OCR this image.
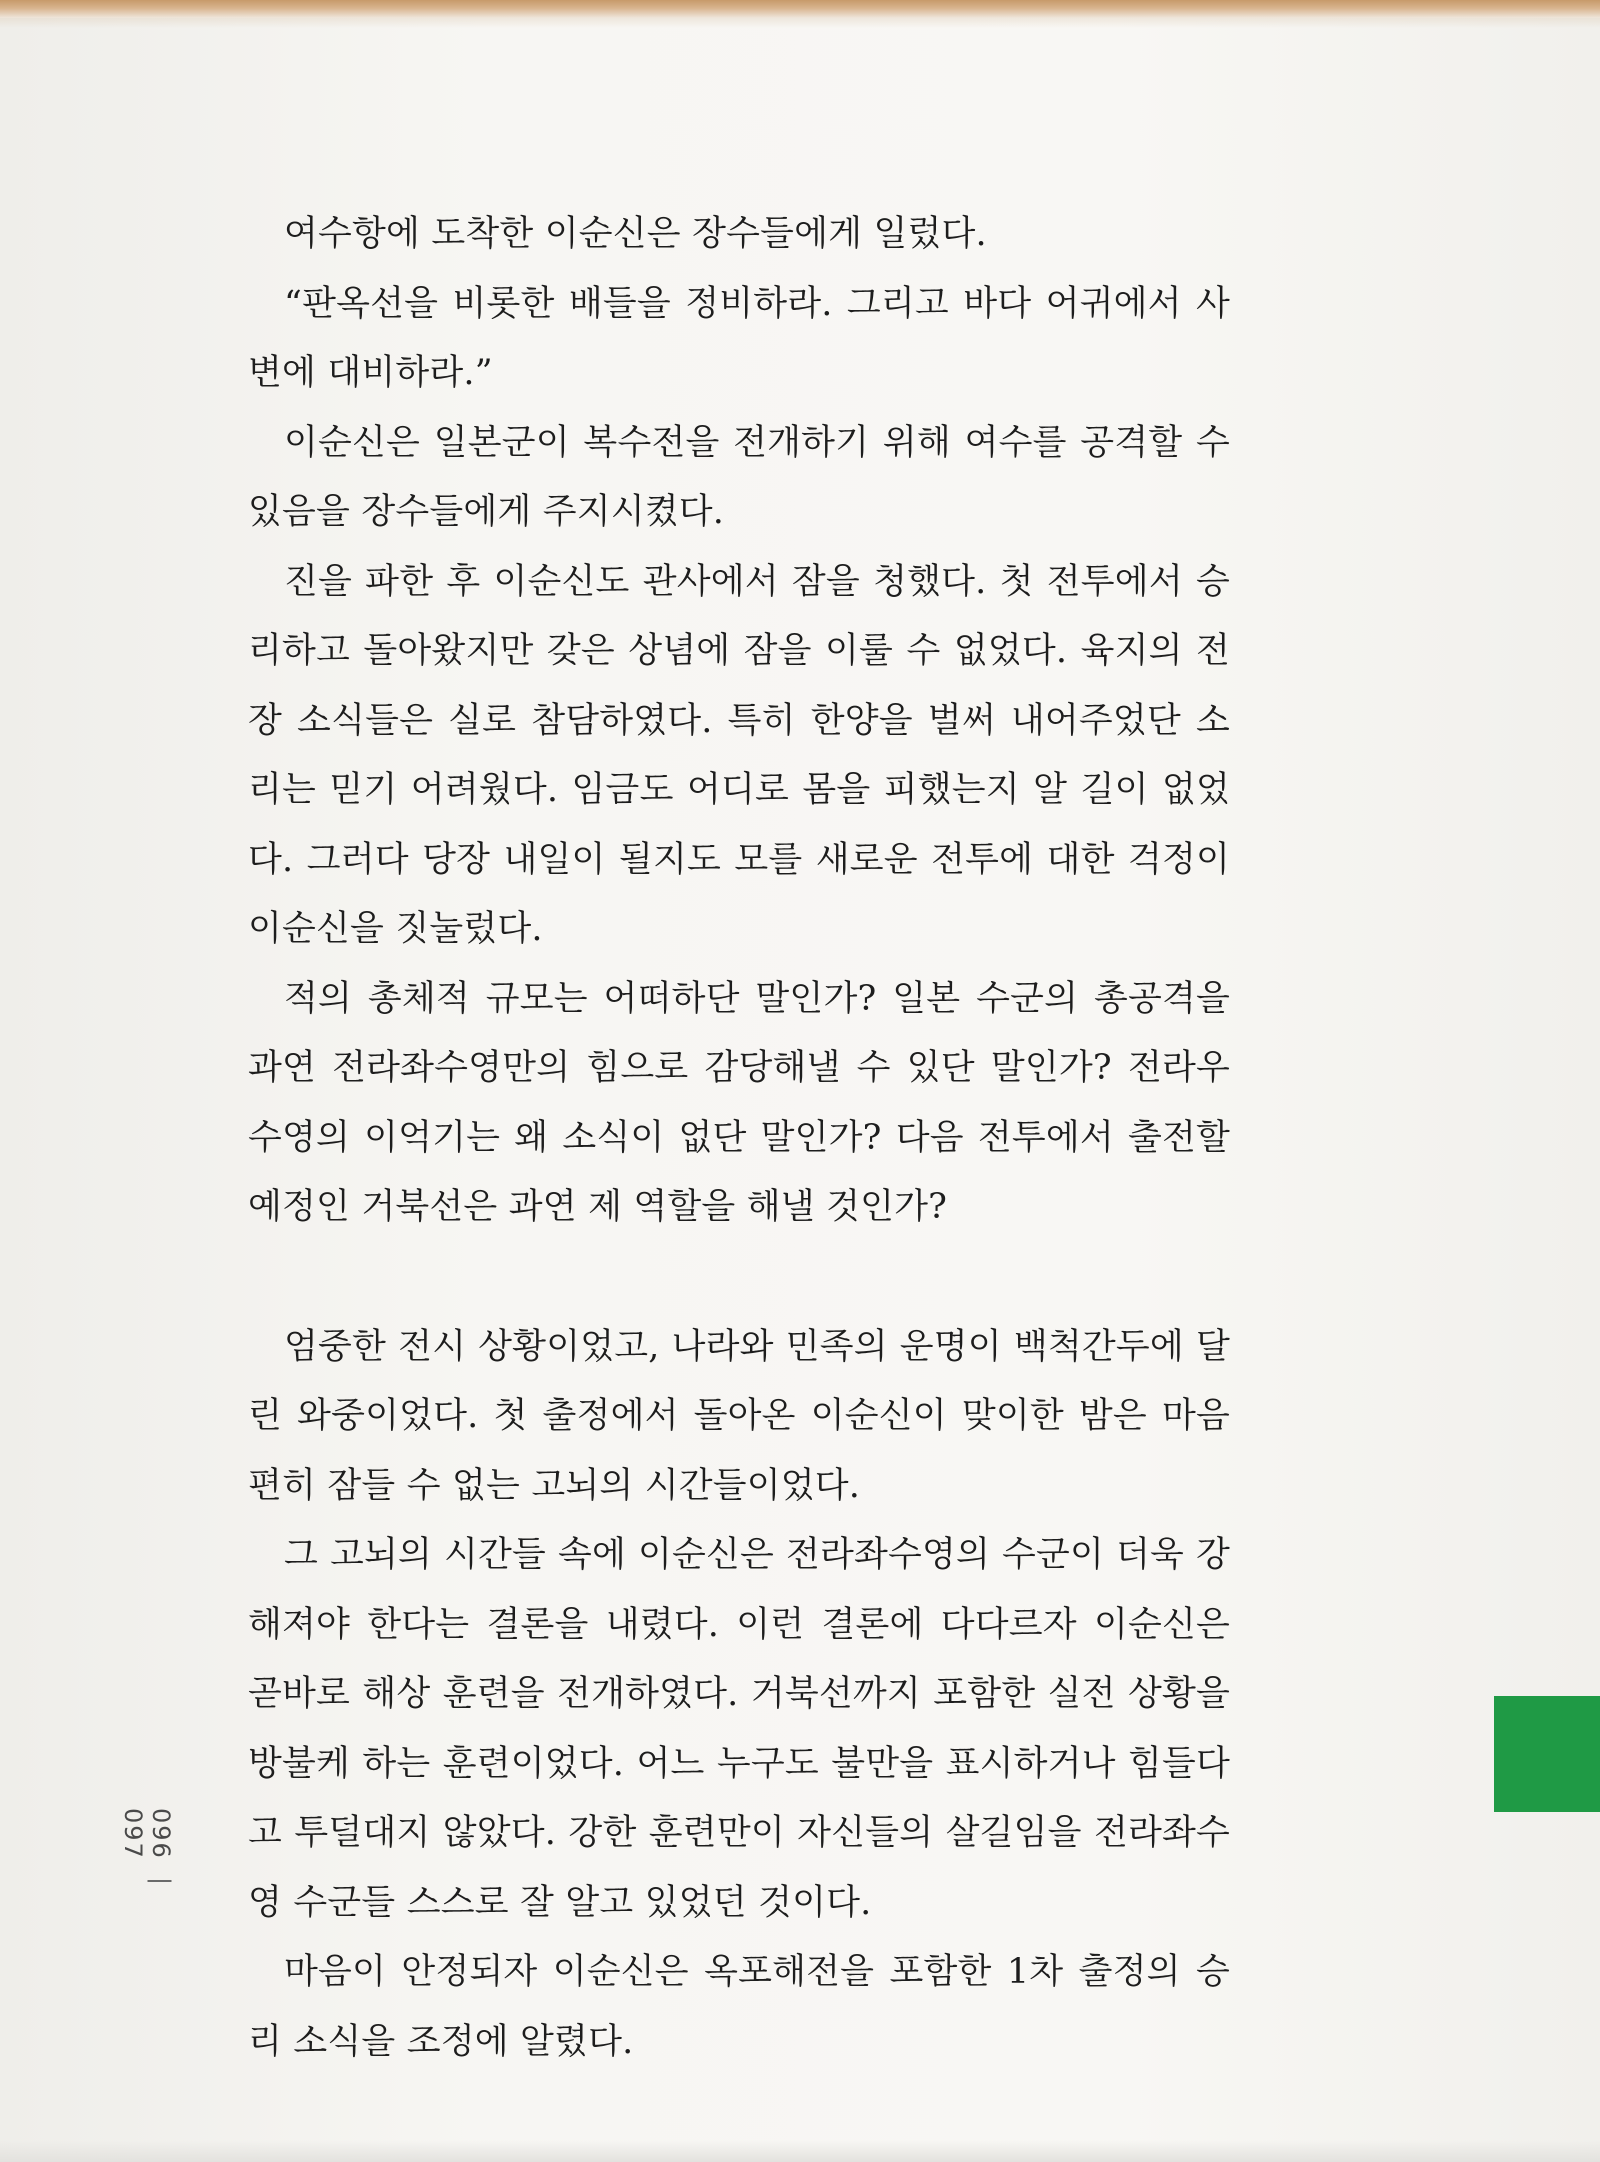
여수항에 도착한 이순신은 장수들에게 일렀다.

“판옥선을 비롯한 배들을 정비하라. 그리고 바다 어귀에서 사변에 대비하라.”

이순신은 일본군이 복수전을 전개하기 위해 여수를 공격할 수 있음을 장수들에게 주지시켰다.

진을 파한 후 이순신도 관사에서 잠을 청했다. 첫 전투에서 승리하고 돌아왔지만 갖은 상념에 잠을 이룰 수 없었다. 육지의 전장 소식들은 실로 참담하였다. 특히 한양을 벌써 내어주었단 소리는 믿기 어려웠다. 임금도 어디로 몸을 피했는지 알 길이 없었다. 그러다 당장 내일이 될지도 모를 새로운 전투에 대한 걱정이 이순신을 짓눌렀다.

적의 총체적 규모는 어떠하단 말인가? 일본 수군의 총공격을 과연 전라좌수영만의 힘으로 감당해낼 수 있단 말인가? 전라우수영의 이억기는 왜 소식이 없단 말인가? 다음 전투에서 출전할 예정인 거북선은 과연 제 역할을 해낼 것인가?

엄중한 전시 상황이었고, 나라와 민족의 운명이 백척간두에 달린 와중이었다. 첫 출정에서 돌아온 이순신이 맞이한 밤은 마음 편히 잠들 수 없는 고뇌의 시간들이었다.

그 고뇌의 시간들 속에 이순신은 전라좌수영의 수군이 더욱 강해져야 한다는 결론을 내렸다. 이런 결론에 다다르자 이순신은 곧바로 해상 훈련을 전개하였다. 거북선까지 포함한 실전 상황을 방불케 하는 훈련이었다. 어느 누구도 불만을 표시하거나 힘들다고 투덜대지 않았다. 강한 훈련만이 자신들의 살길임을 전라좌수영 수군들 스스로 잘 알고 있었던 것이다.

마음이 안정되자 이순신은 옥포해전을 포함한 1차 출정의 승리 소식을 조정에 알렸다.

096 | 097
